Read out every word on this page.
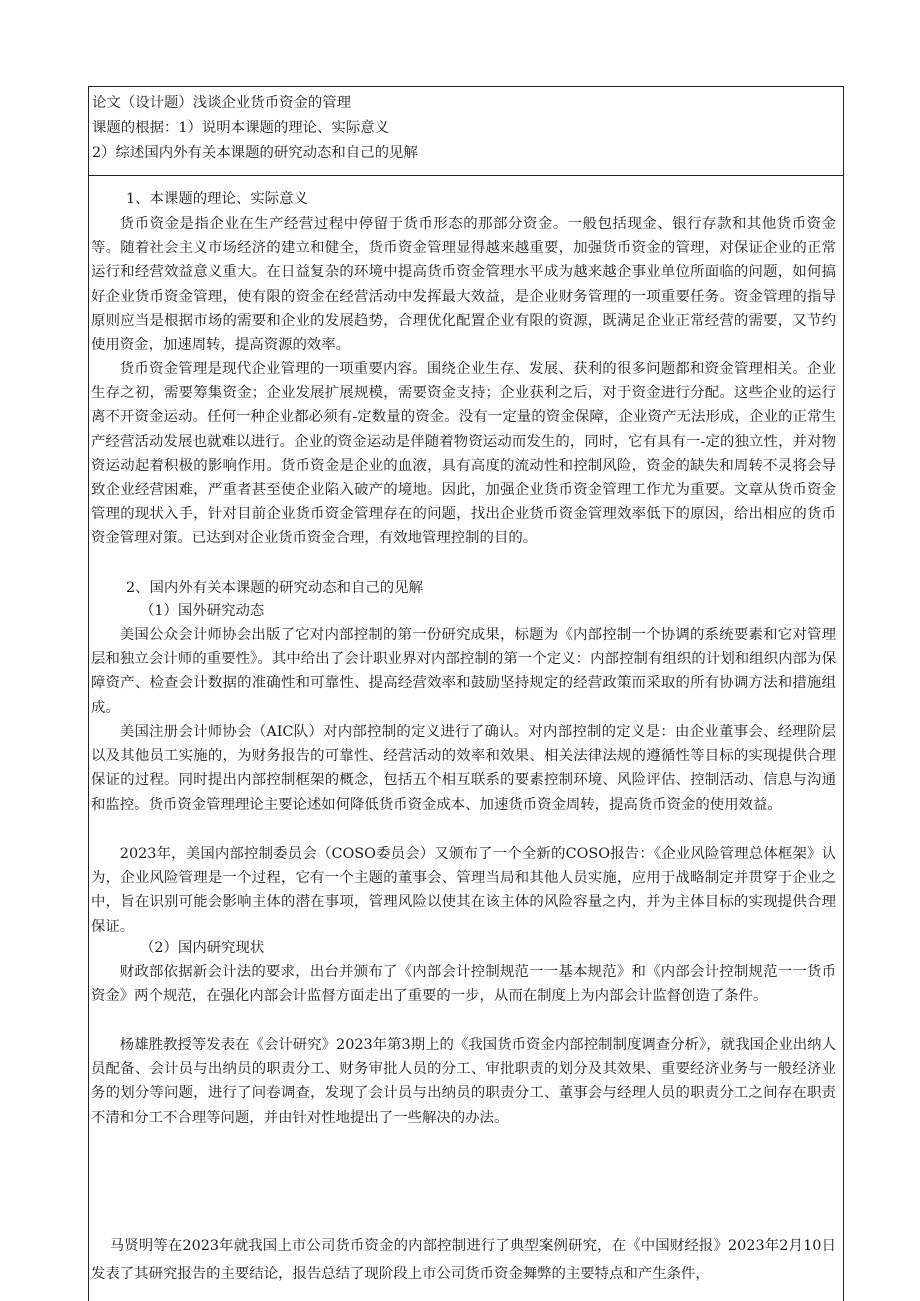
论文（设计题）浅谈企业货币资金的管理
课题的根据：1）说明本课题的理论、实际意义
2）综述国内外有关本课题的研究动态和自己的见解
1、本课题的理论、实际意义

货币资金是指企业在生产经营过程中停留于货币形态的那部分资金。一般包括现金、银行存款和其他货币资金等。随着社会主义市场经济的建立和健全，货币资金管理显得越来越重要，加强货币资金的管理，对保证企业的正常运行和经营效益意义重大。在日益复杂的环境中提高货币资金管理水平成为越来越企事业单位所面临的问题，如何搞好企业货币资金管理，使有限的资金在经营活动中发挥最大效益，是企业财务管理的一项重要任务。资金管理的指导原则应当是根据市场的需要和企业的发展趋势，合理优化配置企业有限的资源，既满足企业正常经营的需要，又节约使用资金，加速周转，提高资源的效率。

货币资金管理是现代企业管理的一项重要内容。围绕企业生存、发展、获利的很多问题都和资金管理相关。企业生存之初，需要筹集资金；企业发展扩展规模，需要资金支持；企业获利之后，对于资金进行分配。这些企业的运行离不开资金运动。任何一种企业都必须有-定数量的资金。没有一定量的资金保障，企业资产无法形成，企业的正常生产经营活动发展也就难以进行。企业的资金运动是伴随着物资运动而发生的，同时，它有具有一-定的独立性，并对物资运动起着积极的影响作用。货币资金是企业的血液，具有高度的流动性和控制风险，资金的缺失和周转不灵将会导致企业经营困难，严重者甚至使企业陷入破产的境地。因此，加强企业货币资金管理工作尤为重要。文章从货币资金管理的现状入手，针对目前企业货币资金管理存在的问题，找出企业货币资金管理效率低下的原因，给出相应的货币资金管理对策。已达到对企业货币资金合理，有效地管理控制的目的。

2、国内外有关本课题的研究动态和自己的见解
（1）国外研究动态

美国公众会计师协会出版了它对内部控制的第一份研究成果，标题为《内部控制一个协调的系统要素和它对管理层和独立会计师的重要性》。其中给出了会计职业界对内部控制的第一个定义：内部控制有组织的计划和组织内部为保障资产、检查会计数据的准确性和可靠性、提高经营效率和鼓励坚持规定的经营政策而采取的所有协调方法和措施组成。

美国注册会计师协会（AIC队）对内部控制的定义进行了确认。对内部控制的定义是：由企业董事会、经理阶层以及其他员工实施的，为财务报告的可靠性、经营活动的效率和效果、相关法律法规的遵循性等目标的实现提供合理保证的过程。同时提出内部控制框架的概念，包括五个相互联系的要素控制环境、风险评估、控制活动、信息与沟通和监控。货币资金管理理论主要论述如何降低货币资金成本、加速货币资金周转，提高货币资金的使用效益。

2023年，美国内部控制委员会（COSO委员会）又颁布了一个全新的COSO报告：《企业风险管理总体框架》认为，企业风险管理是一个过程，它有一个主题的董事会、管理当局和其他人员实施，应用于战略制定并贯穿于企业之中，旨在识别可能会影响主体的潜在事项，管理风险以使其在该主体的风险容量之内，并为主体目标的实现提供合理保证。

（2）国内研究现状

财政部依据新会计法的要求，出台并颁布了《内部会计控制规范一一基本规范》和《内部会计控制规范一一货币资金》两个规范，在强化内部会计监督方面走出了重要的一步，从而在制度上为内部会计监督创造了条件。

杨雄胜教授等发表在《会计研究》2023年第3期上的《我国货币资金内部控制制度调查分析》，就我国企业出纳人员配备、会计员与出纳员的职责分工、财务审批人员的分工、审批职责的划分及其效果、重要经济业务与一般经济业务的划分等问题，进行了问卷调查，发现了会计员与出纳员的职责分工、董事会与经理人员的职责分工之间存在职责不清和分工不合理等问题，并由针对性地提出了一些解决的办法。

马贤明等在2023年就我国上市公司货币资金的内部控制进行了典型案例研究，在《中国财经报》2023年2月10日发表了其研究报告的主要结论，报告总结了现阶段上市公司货币资金舞弊的主要特点和产生条件，
